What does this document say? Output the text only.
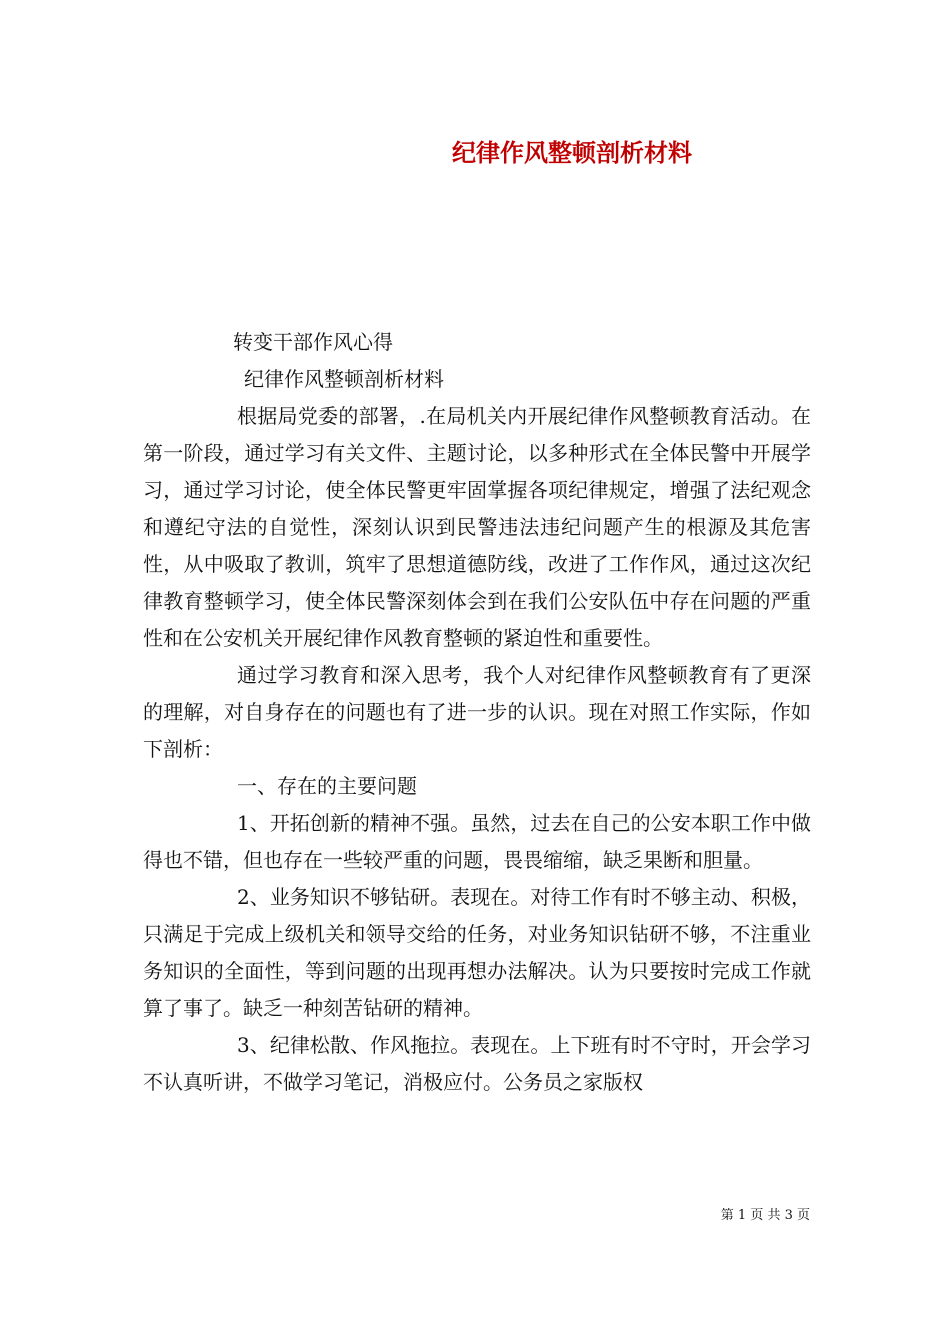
纪律作风整顿剖析材料
转变干部作风心得
纪律作风整顿剖析材料

根据局党委的部署，.在局机关内开展纪律作风整顿教育活动。在第一阶段，通过学习有关文件、主题讨论，以多种形式在全体民警中开展学习，通过学习讨论，使全体民警更牢固掌握各项纪律规定，增强了法纪观念和遵纪守法的自觉性，深刻认识到民警违法违纪问题产生的根源及其危害性，从中吸取了教训，筑牢了思想道德防线，改进了工作作风，通过这次纪律教育整顿学习，使全体民警深刻体会到在我们公安队伍中存在问题的严重性和在公安机关开展纪律作风教育整顿的紧迫性和重要性。

通过学习教育和深入思考，我个人对纪律作风整顿教育有了更深的理解，对自身存在的问题也有了进一步的认识。现在对照工作实际，作如下剖析：

一、存在的主要问题

1、开拓创新的精神不强。虽然，过去在自己的公安本职工作中做得也不错，但也存在一些较严重的问题，畏畏缩缩，缺乏果断和胆量。

2、业务知识不够钻研。表现在。对待工作有时不够主动、积极，只满足于完成上级机关和领导交给的任务，对业务知识钻研不够，不注重业务知识的全面性，等到问题的出现再想办法解决。认为只要按时完成工作就算了事了。缺乏一种刻苦钻研的精神。

3、纪律松散、作风拖拉。表现在。上下班有时不守时，开会学习不认真听讲，不做学习笔记，消极应付。公务员之家版权

第 1 页 共 3 页
